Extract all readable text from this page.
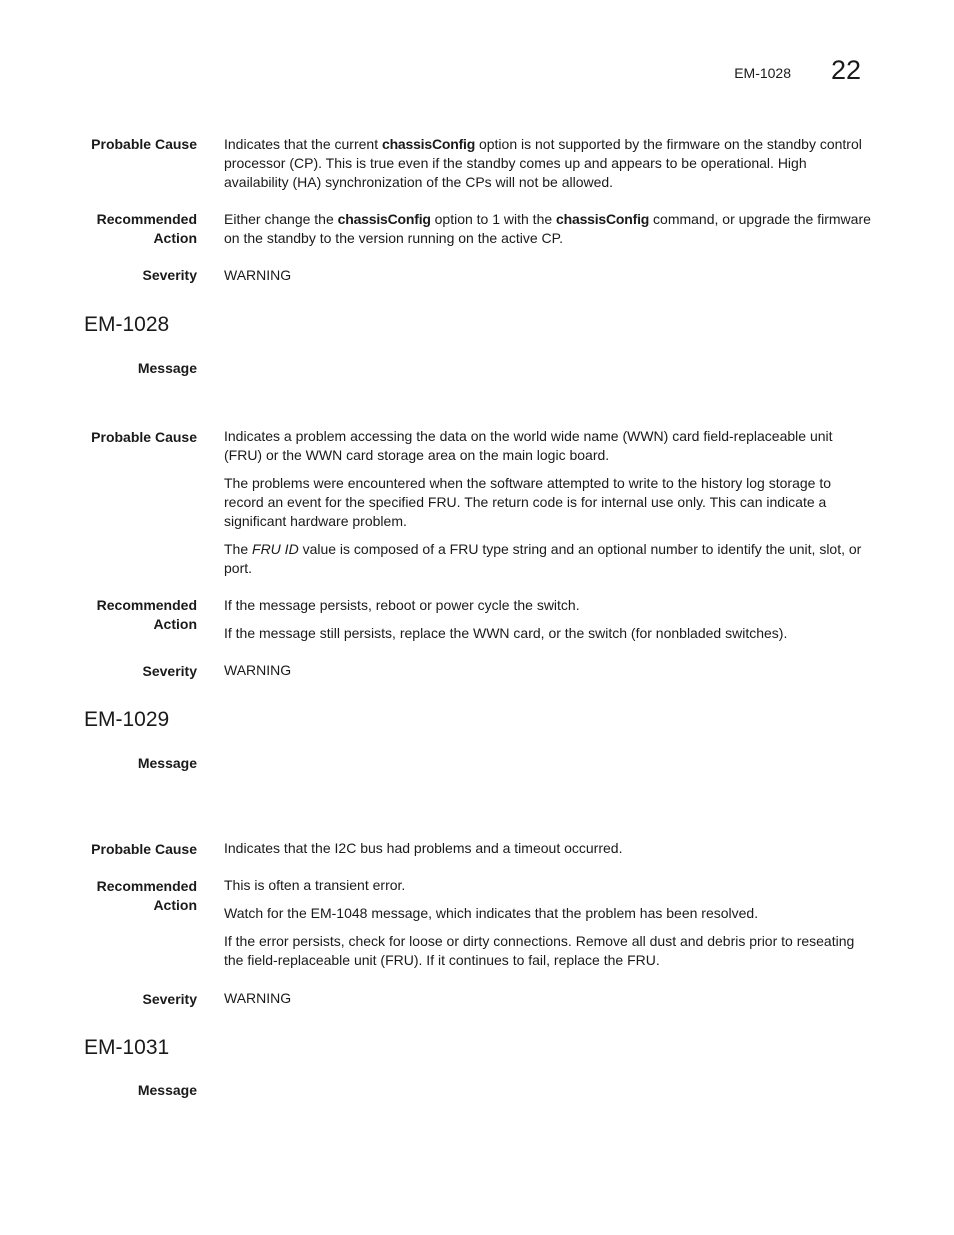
EM-1028 22
Probable Cause Indicates that the current chassisConfig option is not supported by the firmware on the standby control processor (CP). This is true even if the standby comes up and appears to be operational. High availability (HA) synchronization of the CPs will not be allowed.

Recommended
Action

Either change the chassisConfig option to 1 with the chassisConfig command, or upgrade the firmware on the standby to the version running on the active CP.

Severity WARNING
EM-1028
Message
Probable Cause Indicates a problem accessing the data on the world wide name (WWN) card field-replaceable unit (FRU) or the WWN card storage area on the main logic board.

The problems were encountered when the software attempted to write to the history log storage to record an event for the specified FRU. The return code is for internal use only. This can indicate a significant hardware problem.

The FRU ID value is composed of a FRU type string and an optional number to identify the unit, slot, or port.

Recommended
Action

If the message persists, reboot or power cycle the switch.

If the message still persists, replace the WWN card, or the switch (for nonbladed switches).

Severity WARNING
EM-1029
Message
Probable Cause Indicates that the I2C bus had problems and a timeout occurred.
Recommended
Action

This is often a transient error.

Watch for the EM-1048 message, which indicates that the problem has been resolved.

If the error persists, check for loose or dirty connections. Remove all dust and debris prior to reseating the field-replaceable unit (FRU). If it continues to fail, replace the FRU.

Severity WARNING
EM-1031
Message
